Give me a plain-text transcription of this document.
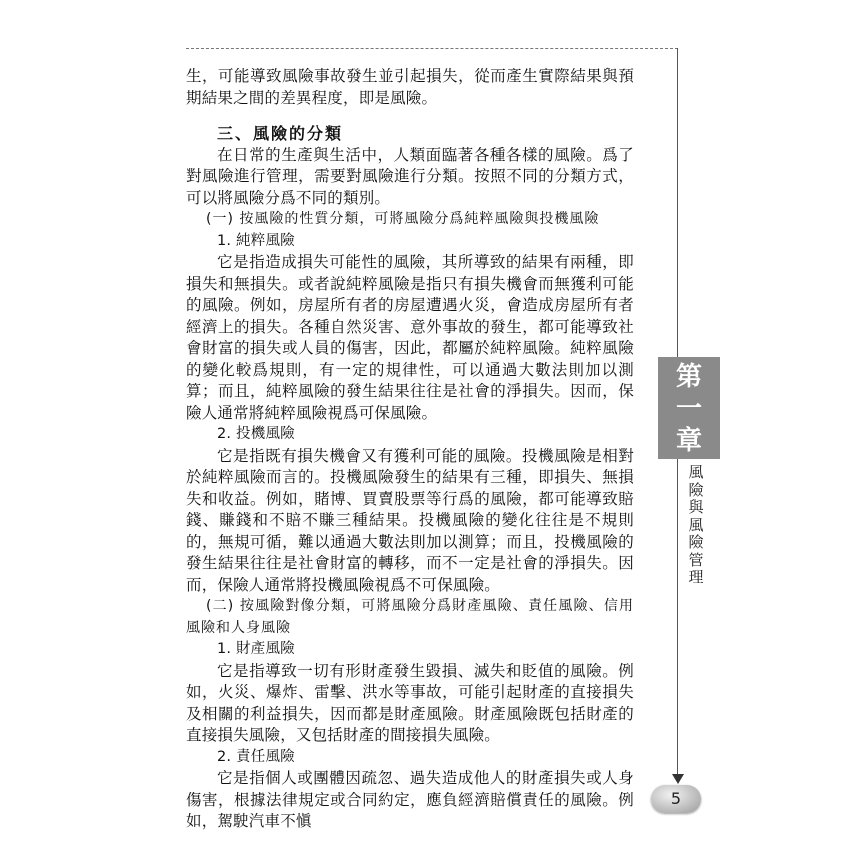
生，可能導致風險事故發生並引起損失，從而產生實際結果與預期結果之間的差異程度，即是風險。

三、風險的分類

在日常的生產與生活中，人類面臨著各種各樣的風險。爲了對風險進行管理，需要對風險進行分類。按照不同的分類方式，可以將風險分爲不同的類別。

(一) 按風險的性質分類，可將風險分爲純粹風險與投機風險

1. 純粹風險

它是指造成損失可能性的風險，其所導致的結果有兩種，即損失和無損失。或者說純粹風險是指只有損失機會而無獲利可能的風險。例如，房屋所有者的房屋遭遇火災，會造成房屋所有者經濟上的損失。各種自然災害、意外事故的發生，都可能導致社會財富的損失或人員的傷害，因此，都屬於純粹風險。純粹風險的變化較爲規則，有一定的規律性，可以通過大數法則加以測算；而且，純粹風險的發生結果往往是社會的淨損失。因而，保險人通常將純粹風險視爲可保風險。

2. 投機風險

它是指既有損失機會又有獲利可能的風險。投機風險是相對於純粹風險而言的。投機風險發生的結果有三種，即損失、無損失和收益。例如，賭博、買賣股票等行爲的風險，都可能導致賠錢、賺錢和不賠不賺三種結果。投機風險的變化往往是不規則的，無規可循，難以通過大數法則加以測算；而且，投機風險的發生結果往往是社會財富的轉移，而不一定是社會的淨損失。因而，保險人通常將投機風險視爲不可保風險。

(二) 按風險對像分類，可將風險分爲財產風險、責任風險、信用風險和人身風險

1. 財產風險

它是指導致一切有形財產發生毀損、滅失和貶值的風險。例如，火災、爆炸、雷擊、洪水等事故，可能引起財產的直接損失及相關的利益損失，因而都是財產風險。財產風險既包括財產的直接損失風險，又包括財產的間接損失風險。

2. 責任風險

它是指個人或團體因疏忽、過失造成他人的財產損失或人身傷害，根據法律規定或合同約定，應負經濟賠償責任的風險。例如，駕駛汽車不愼

第
一
章
風險與風險管理
5
